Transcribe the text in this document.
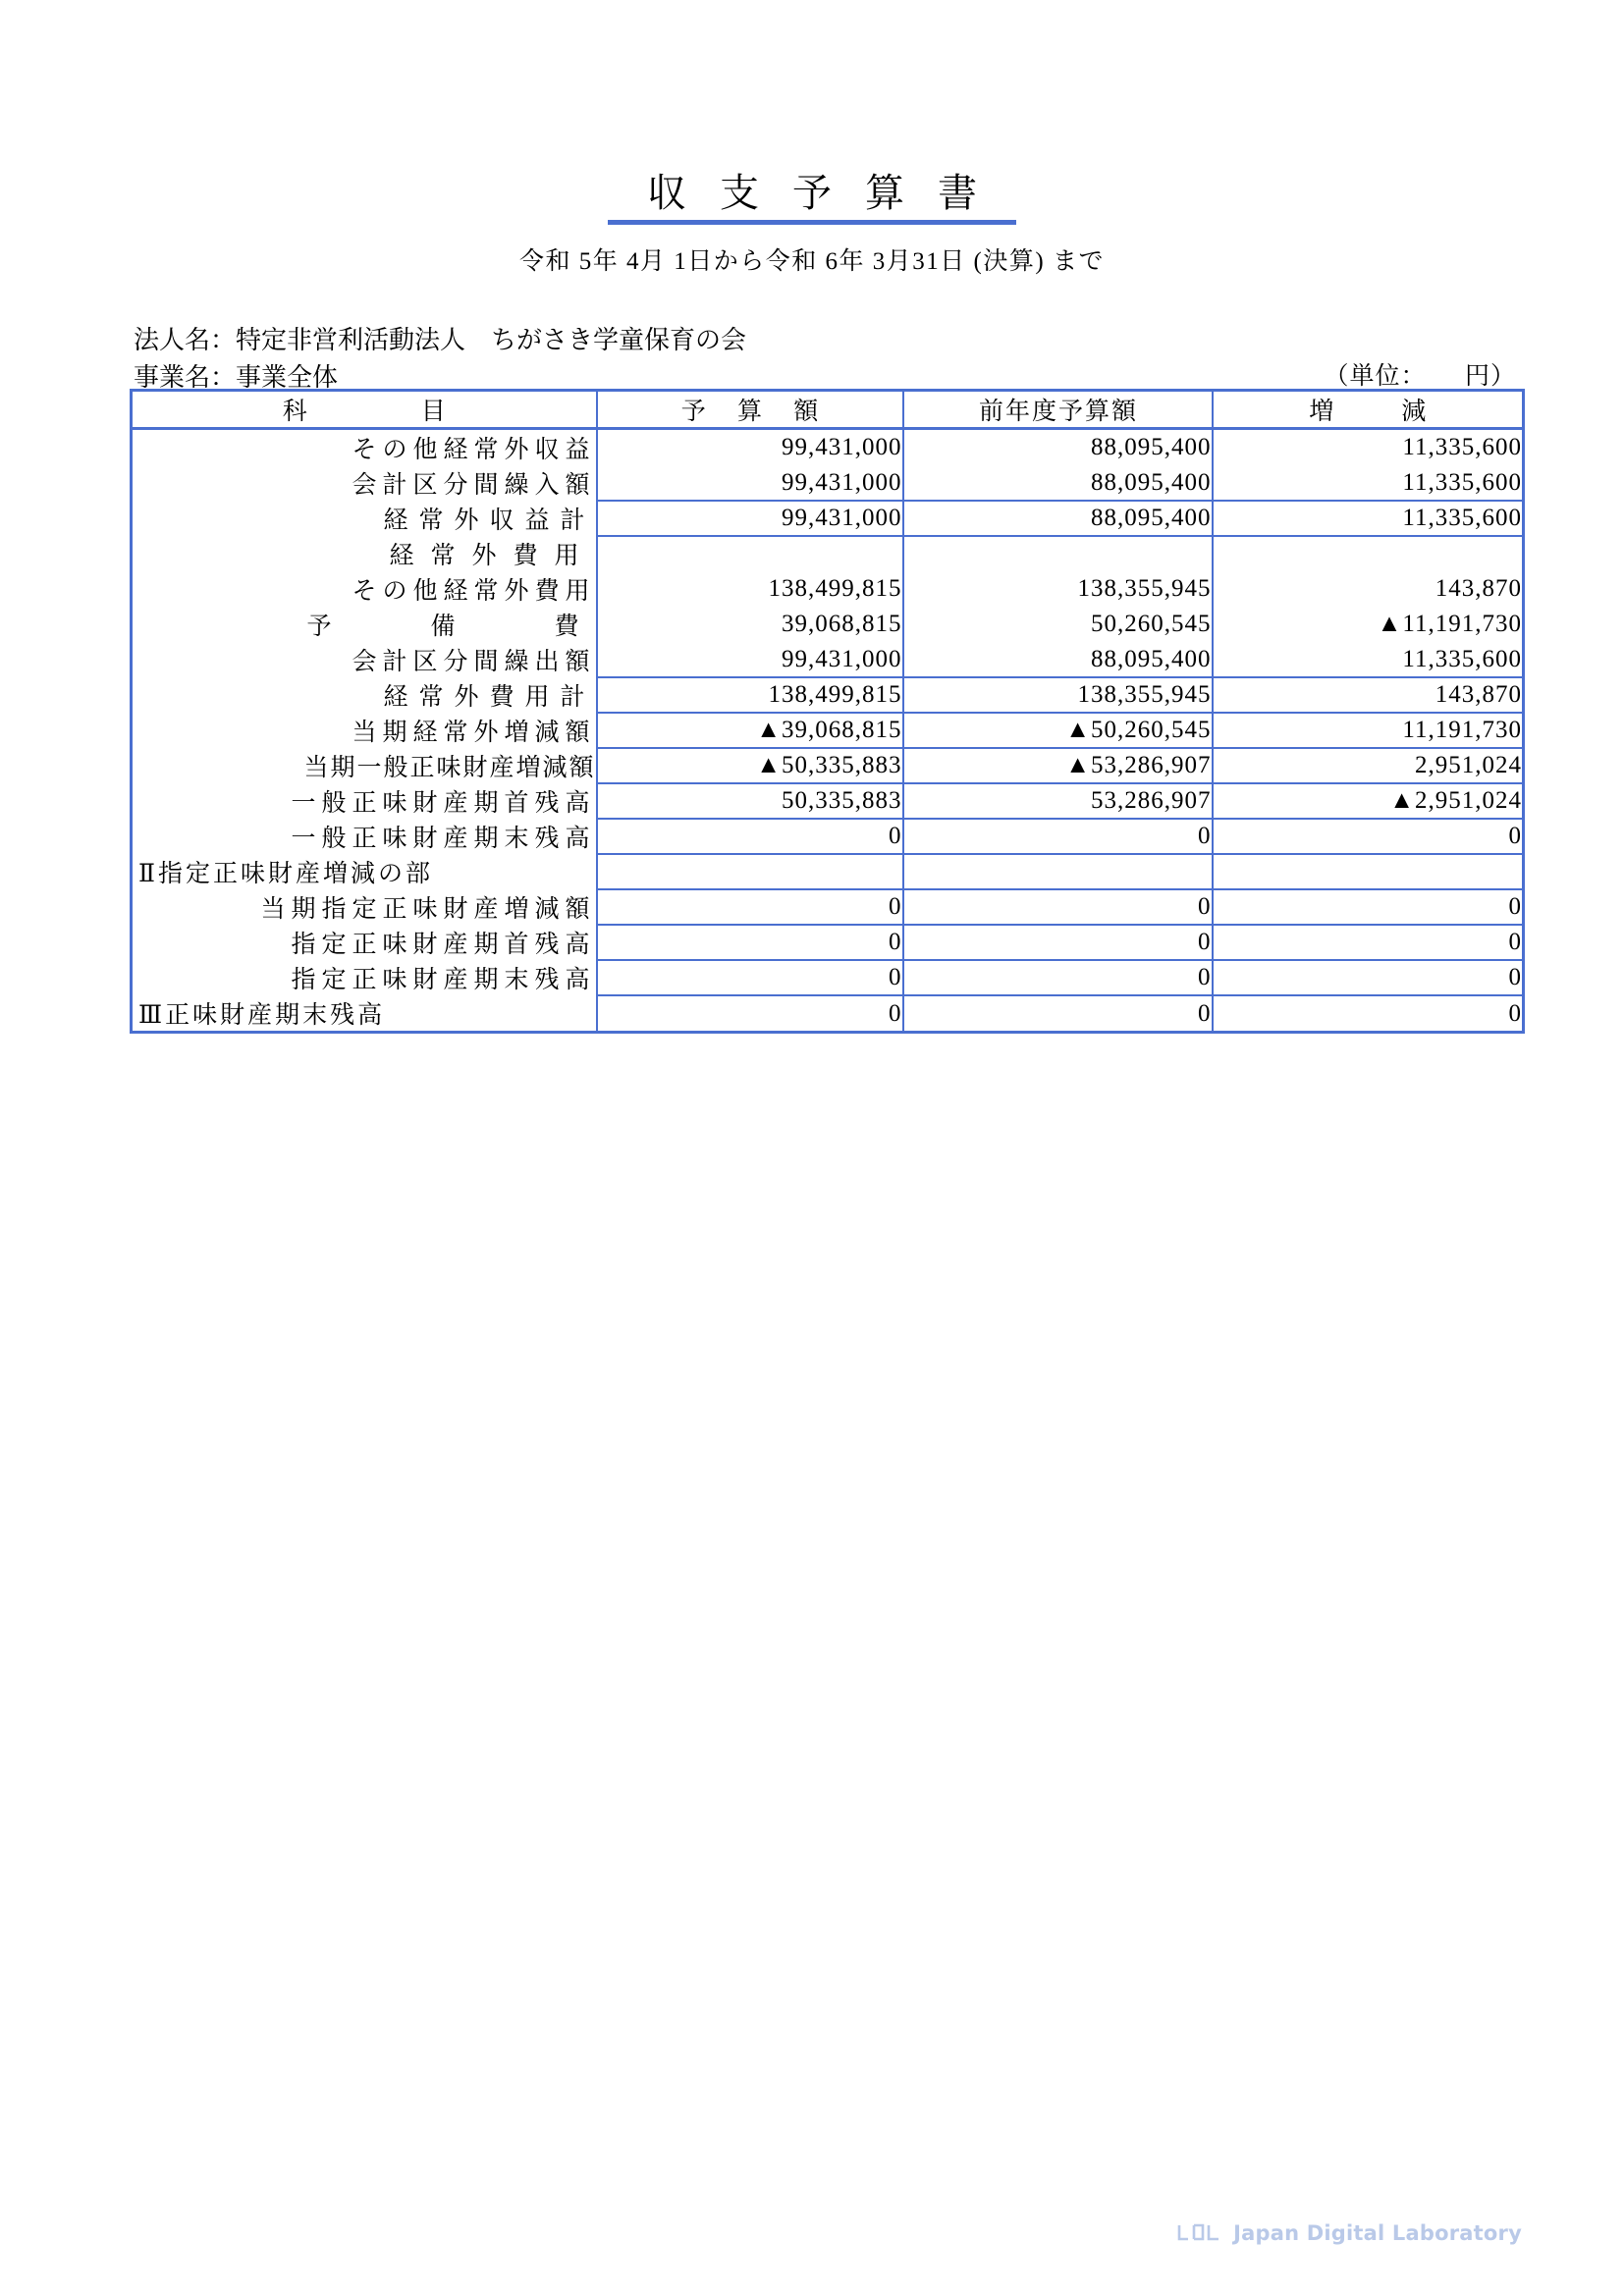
収支予算書
令和 5年 4月 1日から令和 6年 3月31日 (決算) まで
法人名：特定非営利活動法人　ちがさき学童保育の会
事業名：事業全体	（単位：　　円）
科　　目	予 算 額	前年度予算額	増　減
その他経常外収益	99,431,000	88,095,400	11,335,600
会計区分間繰入額	99,431,000	88,095,400	11,335,600
経常外収益計	99,431,000	88,095,400	11,335,600
経常外費用			
その他経常外費用	138,499,815	138,355,945	143,870
予　　備　　費	39,068,815	50,260,545	▲11,191,730
会計区分間繰出額	99,431,000	88,095,400	11,335,600
経常外費用計	138,499,815	138,355,945	143,870
当期経常外増減額	▲39,068,815	▲50,260,545	11,191,730
当期一般正味財産増減額	▲50,335,883	▲53,286,907	2,951,024
一般正味財産期首残高	50,335,883	53,286,907	▲2,951,024
一般正味財産期末残高	0	0	0
Ⅱ指定正味財産増減の部			
当期指定正味財産増減額	0	0	0
指定正味財産期首残高	0	0	0
指定正味財産期末残高	0	0	0
Ⅲ正味財産期末残高	0	0	0
Japan Digital Laboratory
